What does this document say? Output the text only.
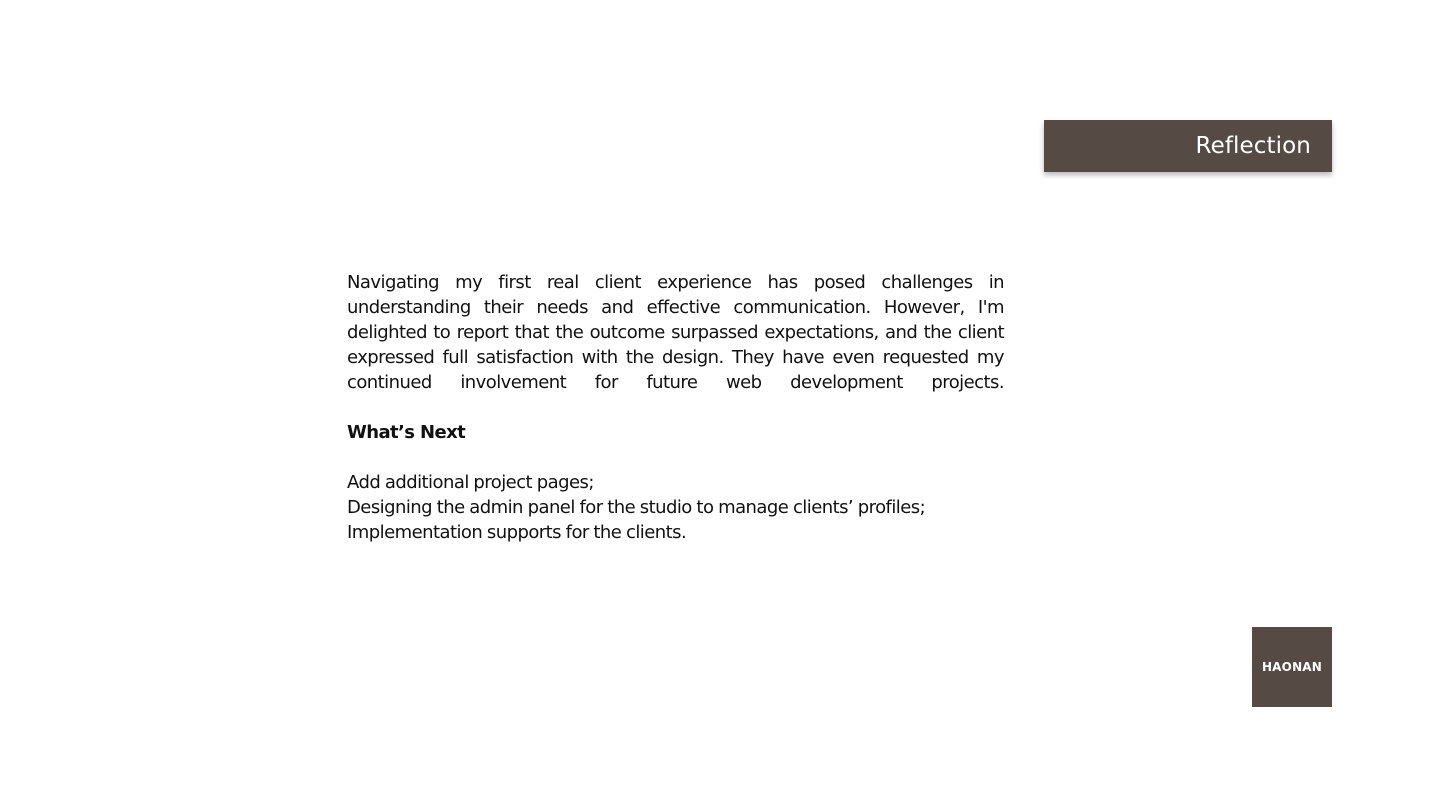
Reflection

Navigating my first real client experience has posed challenges in understanding their needs and effective communication. However, I'm delighted to report that the outcome surpassed expectations, and the client expressed full satisfaction with the design. They have even requested my continued involvement for future web development projects.

What’s Next
Add additional project pages;
Designing the admin panel for the studio to manage clients’ profiles;
Implementation supports for the clients.
HAONAN
